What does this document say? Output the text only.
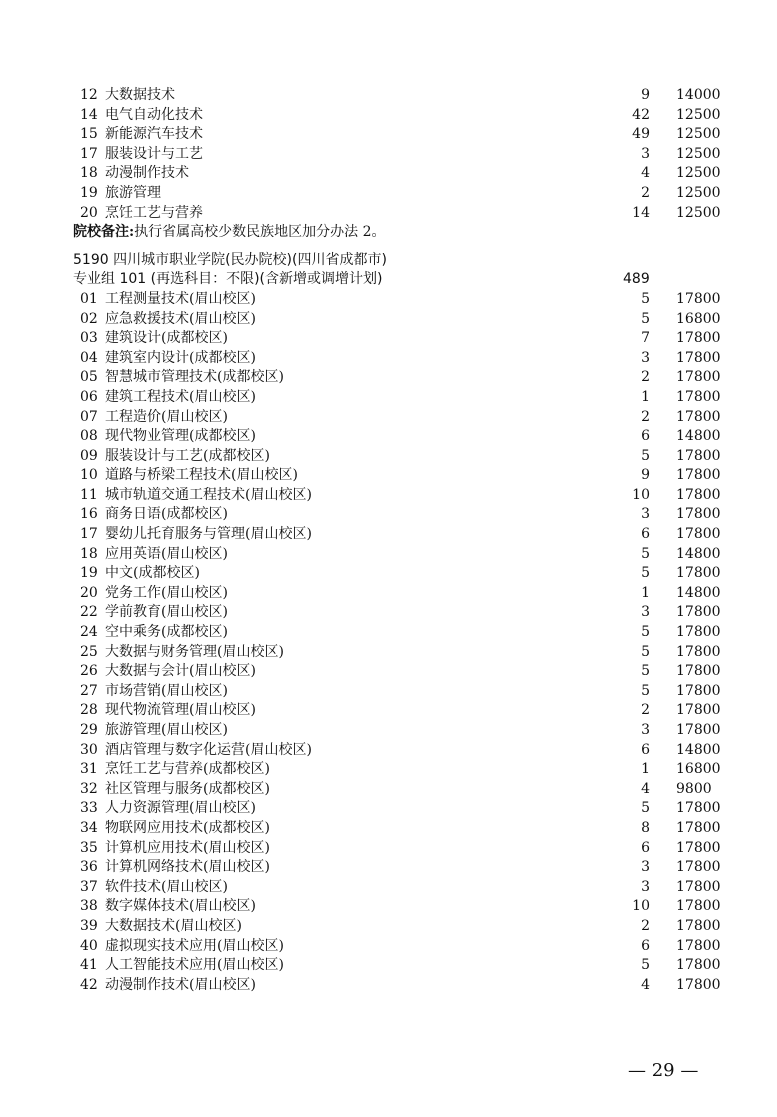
12 大数据技术	9 14000
14 电气自动化技术	42 12500
15 新能源汽车技术	49 12500
17 服装设计与工艺	3 12500
18 动漫制作技术	4 12500
19 旅游管理	2 12500
20 烹饪工艺与营养	14 12500
院校备注:执行省属高校少数民族地区加分办法 2。
5190 四川城市职业学院(民办院校)(四川省成都市)
专业组 101 (再选科目：不限)(含新增或调增计划)	489
01 工程测量技术(眉山校区)	5 17800
02 应急救援技术(眉山校区)	5 16800
03 建筑设计(成都校区)	7 17800
04 建筑室内设计(成都校区)	3 17800
05 智慧城市管理技术(成都校区)	2 17800
06 建筑工程技术(眉山校区)	1 17800
07 工程造价(眉山校区)	2 17800
08 现代物业管理(成都校区)	6 14800
09 服装设计与工艺(成都校区)	5 17800
10 道路与桥梁工程技术(眉山校区)	9 17800
11 城市轨道交通工程技术(眉山校区)	10 17800
16 商务日语(成都校区)	3 17800
17 婴幼儿托育服务与管理(眉山校区)	6 17800
18 应用英语(眉山校区)	5 14800
19 中文(成都校区)	5 17800
20 党务工作(眉山校区)	1 14800
22 学前教育(眉山校区)	3 17800
24 空中乘务(成都校区)	5 17800
25 大数据与财务管理(眉山校区)	5 17800
26 大数据与会计(眉山校区)	5 17800
27 市场营销(眉山校区)	5 17800
28 现代物流管理(眉山校区)	2 17800
29 旅游管理(眉山校区)	3 17800
30 酒店管理与数字化运营(眉山校区)	6 14800
31 烹饪工艺与营养(成都校区)	1 16800
32 社区管理与服务(成都校区)	4 9800
33 人力资源管理(眉山校区)	5 17800
34 物联网应用技术(成都校区)	8 17800
35 计算机应用技术(眉山校区)	6 17800
36 计算机网络技术(眉山校区)	3 17800
37 软件技术(眉山校区)	3 17800
38 数字媒体技术(眉山校区)	10 17800
39 大数据技术(眉山校区)	2 17800
40 虚拟现实技术应用(眉山校区)	6 17800
41 人工智能技术应用(眉山校区)	5 17800
42 动漫制作技术(眉山校区)	4 17800
— 29 —
